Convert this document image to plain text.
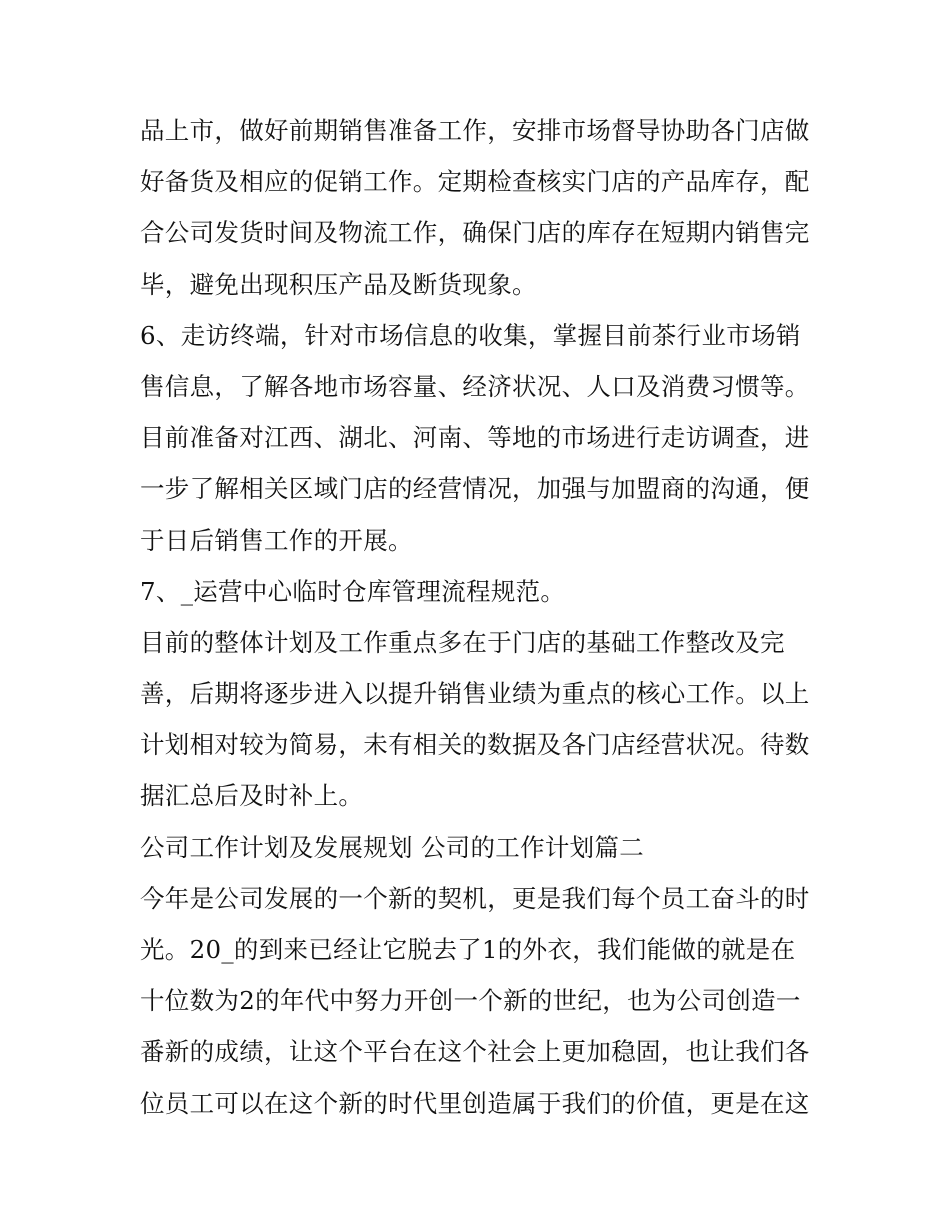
品上市，做好前期销售准备工作，安排市场督导协助各门店做
好备货及相应的促销工作。定期检查核实门店的产品库存，配
合公司发货时间及物流工作，确保门店的库存在短期内销售完
毕，避免出现积压产品及断货现象。
6、走访终端，针对市场信息的收集，掌握目前茶行业市场销
售信息，了解各地市场容量、经济状况、人口及消费习惯等。
目前准备对江西、湖北、河南、等地的市场进行走访调查，进
一步了解相关区域门店的经营情况，加强与加盟商的沟通，便
于日后销售工作的开展。
7、_运营中心临时仓库管理流程规范。
目前的整体计划及工作重点多在于门店的基础工作整改及完
善，后期将逐步进入以提升销售业绩为重点的核心工作。以上
计划相对较为简易，未有相关的数据及各门店经营状况。待数
据汇总后及时补上。
公司工作计划及发展规划 公司的工作计划篇二
今年是公司发展的一个新的契机，更是我们每个员工奋斗的时
光。20_的到来已经让它脱去了1的外衣，我们能做的就是在
十位数为2的年代中努力开创一个新的世纪，也为公司创造一
番新的成绩，让这个平台在这个社会上更加稳固，也让我们各
位员工可以在这个新的时代里创造属于我们的价值，更是在这
